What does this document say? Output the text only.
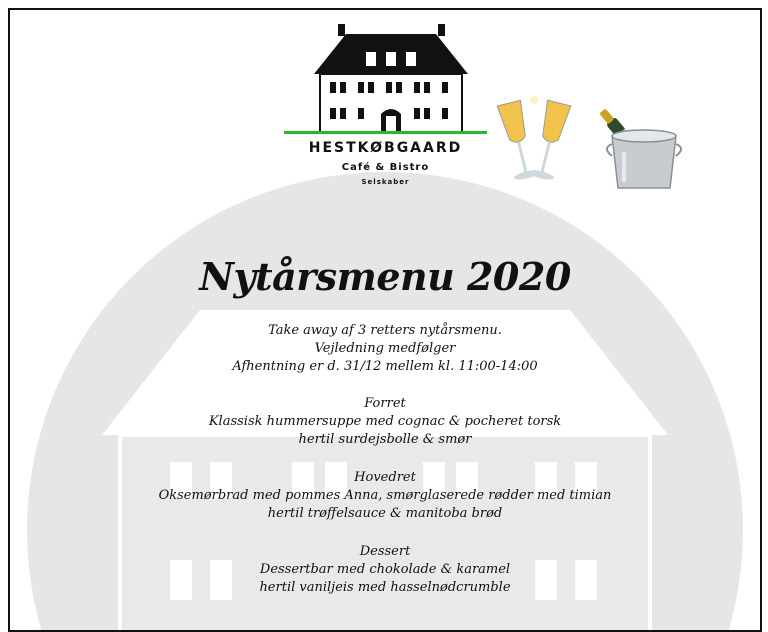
HESTKØBGAARD
Café & Bistro
Selskaber
Nytårsmenu 2020
Take away af 3 retters nytårsmenu.
Vejledning medfølger
Afhentning er d. 31/12 mellem kl. 11:00-14:00
Forret
Klassisk hummersuppe med cognac & pocheret torsk
hertil surdejsbolle & smør
Hovedret
Oksemørbrad med pommes Anna, smørglaserede rødder med timian
hertil trøffelsauce & manitoba brød
Dessert
Dessertbar med chokolade & karamel
hertil vaniljeis med hasselnødcrumble
